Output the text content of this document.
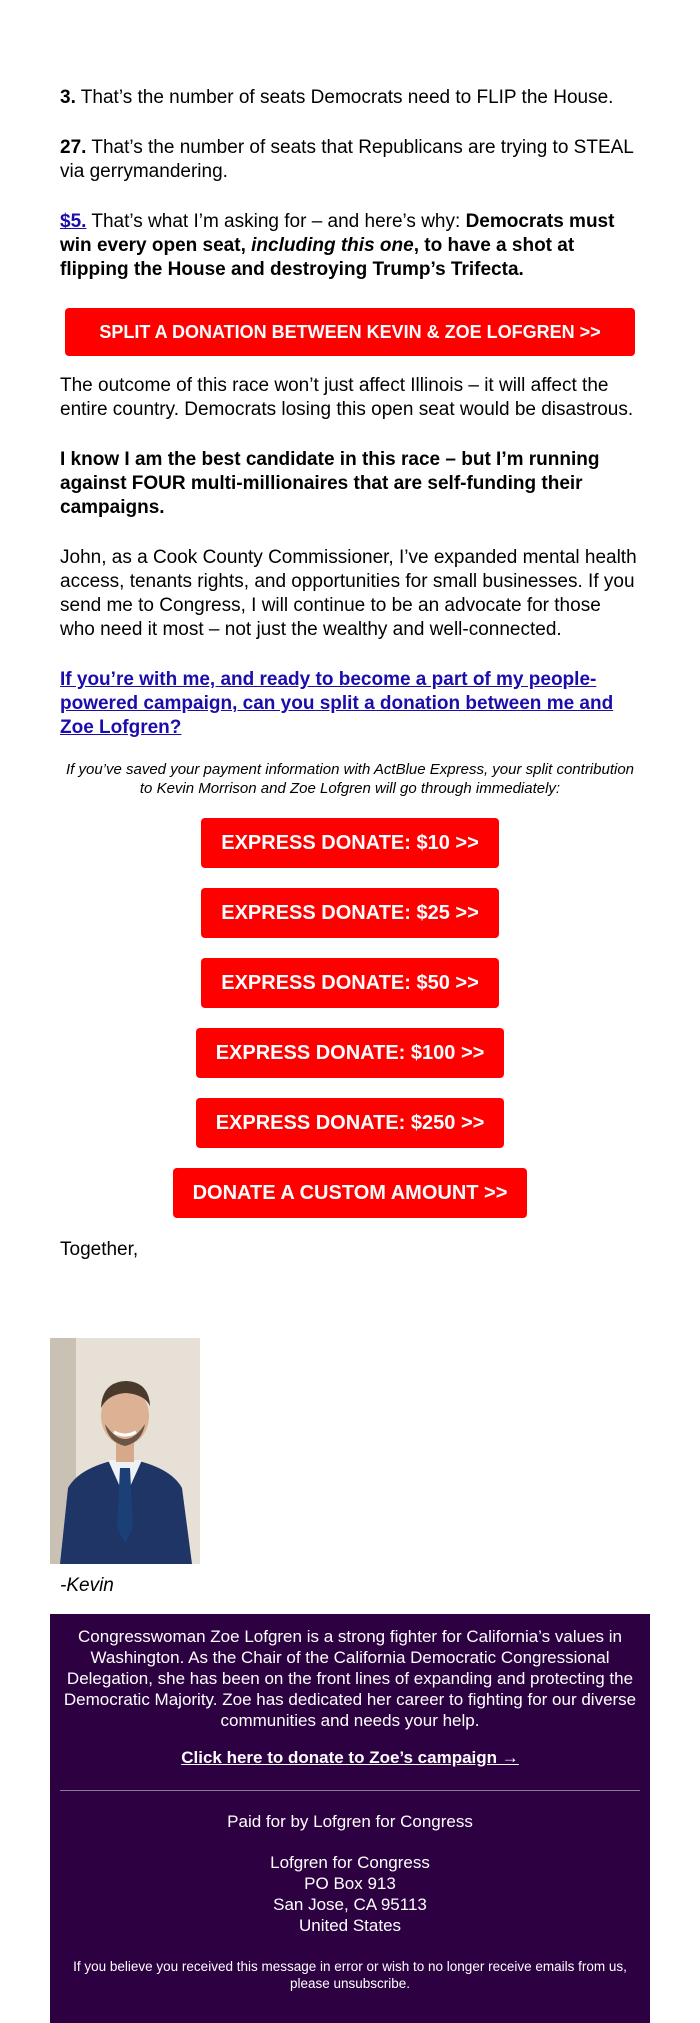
3. That’s the number of seats Democrats need to FLIP the House.

27. That’s the number of seats that Republicans are trying to STEAL via gerrymandering.

$5. That’s what I’m asking for – and here’s why: Democrats must win every open seat, including this one, to have a shot at flipping the House and destroying Trump’s Trifecta.

SPLIT A DONATION BETWEEN KEVIN & ZOE LOFGREN >>

The outcome of this race won’t just affect Illinois – it will affect the entire country. Democrats losing this open seat would be disastrous.

I know I am the best candidate in this race – but I’m running against FOUR multi-millionaires that are self-funding their campaigns.

John, as a Cook County Commissioner, I’ve expanded mental health access, tenants rights, and opportunities for small businesses. If you send me to Congress, I will continue to be an advocate for those who need it most – not just the wealthy and well-connected.

If you’re with me, and ready to become a part of my people-powered campaign, can you split a donation between me and Zoe Lofgren?

If you’ve saved your payment information with ActBlue Express, your split contribution to Kevin Morrison and Zoe Lofgren will go through immediately:

EXPRESS DONATE: $10 >>
EXPRESS DONATE: $25 >>
EXPRESS DONATE: $50 >>
EXPRESS DONATE: $100 >>
EXPRESS DONATE: $250 >>
DONATE A CUSTOM AMOUNT >>

Together,

-Kevin

Congresswoman Zoe Lofgren is a strong fighter for California’s values in Washington. As the Chair of the California Democratic Congressional Delegation, she has been on the front lines of expanding and protecting the Democratic Majority. Zoe has dedicated her career to fighting for our diverse communities and needs your help.

Click here to donate to Zoe’s campaign →

Paid for by Lofgren for Congress

Lofgren for Congress

PO Box 913

San Jose, CA 95113

United States

If you believe you received this message in error or wish to no longer receive emails from us, please unsubscribe.
